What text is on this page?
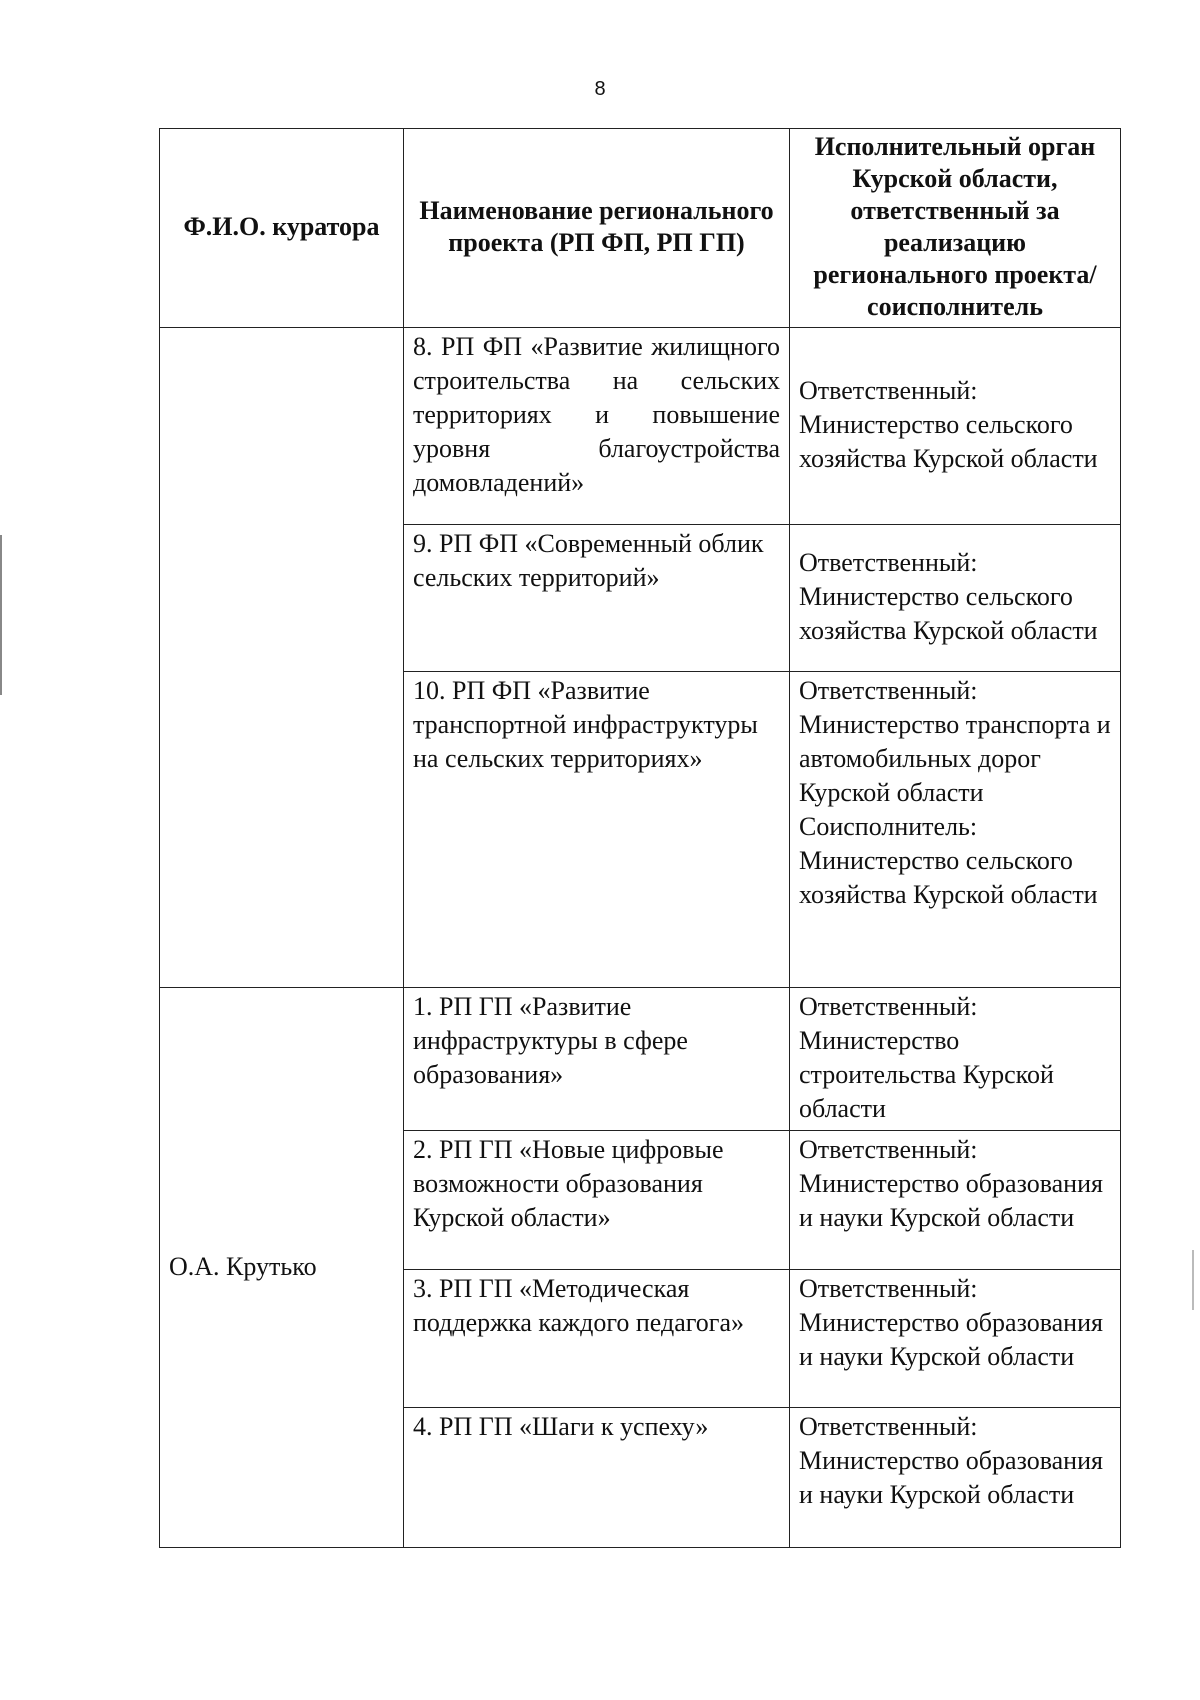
8
Ф.И.О. куратора	Наименование регионального проекта (РП ФП, РП ГП)	Исполнительный орган Курской области, ответственный за реализацию регионального проекта/соисполнитель
	8. РП ФП «Развитие жилищного строительства на сельских территориях и повышение уровня благоустройства домовладений»	Ответственный:
Министерство сельского хозяйства Курской области

	9. РП ФП «Современный облик сельских территорий»	Ответственный:
Министерство сельского хозяйства Курской области

	10. РП ФП «Развитие транспортной инфраструктуры на сельских территориях»	Ответственный:
Министерство транспорта и автомобильных дорог Курской области
Соисполнитель:
Министерство сельского хозяйства Курской области

О.А. Крутько	1. РП ГП «Развитие инфраструктуры в сфере образования»	Ответственный:
Министерство строительства Курской области

	2. РП ГП «Новые цифровые возможности образования Курской области»	Ответственный:
Министерство образования и науки Курской области

	3. РП ГП «Методическая поддержка каждого педагога»	Ответственный:
Министерство образования и науки Курской области

	4. РП ГП «Шаги к успеху»	Ответственный:
Министерство образования и науки Курской области
